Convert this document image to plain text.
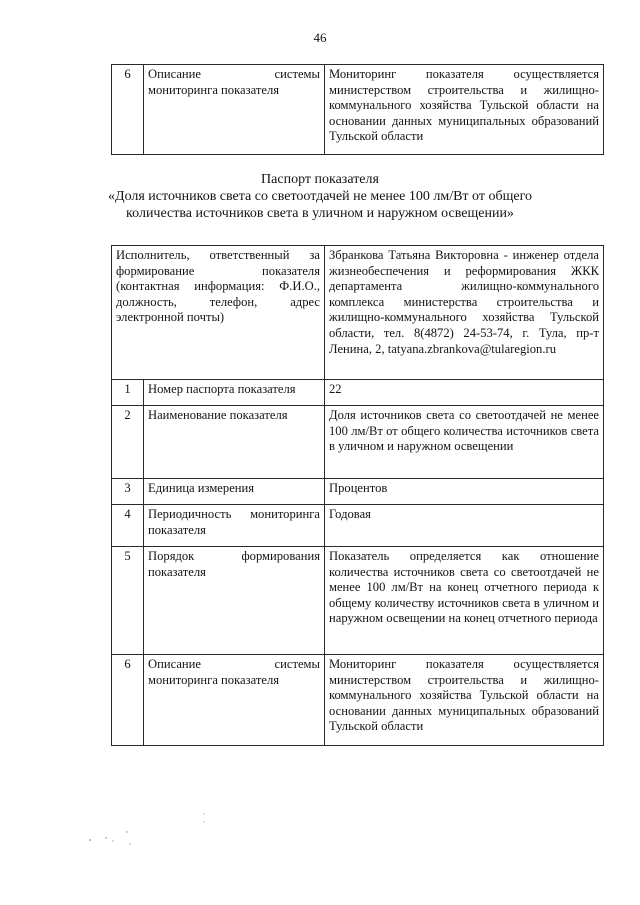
46
6	Описание системы мониторинга показателя	Мониторинг показателя осуществляется министерством строительства и жилищно-коммунального хозяйства Тульской области на основании данных муниципальных образований Тульской области
Паспорт показателя
«Доля источников света со светоотдачей не менее 100 лм/Вт от общего количества источников света в уличном и наружном освещении»
Исполнитель, ответственный за формирование показателя (контактная информация: Ф.И.О., должность, телефон, адрес электронной почты)		Збранкова Татьяна Викторовна - инженер отдела жизнеобеспечения и реформирования ЖКК департамента жилищно-коммунального комплекса министерства строительства и жилищно-коммунального хозяйства Тульской области, тел. 8(4872) 24-53-74, г. Тула, пр-т Ленина, 2, tatyana.zbrankova@tularegion.ru
1	Номер паспорта показателя	22
2	Наименование показателя	Доля источников света со светоотдачей не менее 100 лм/Вт от общего количества источников света в уличном и наружном освещении
3	Единица измерения	Процентов
4	Периодичность мониторинга показателя	Годовая
5	Порядок формирования показателя	Показатель определяется как отношение количества источников света со светоотдачей не менее 100 лм/Вт на конец отчетного периода к общему количеству источников света в уличном и наружном освещении на конец отчетного периода
6	Описание системы мониторинга показателя	Мониторинг показателя осуществляется министерством строительства и жилищно-коммунального хозяйства Тульской области на основании данных муниципальных образований Тульской области
